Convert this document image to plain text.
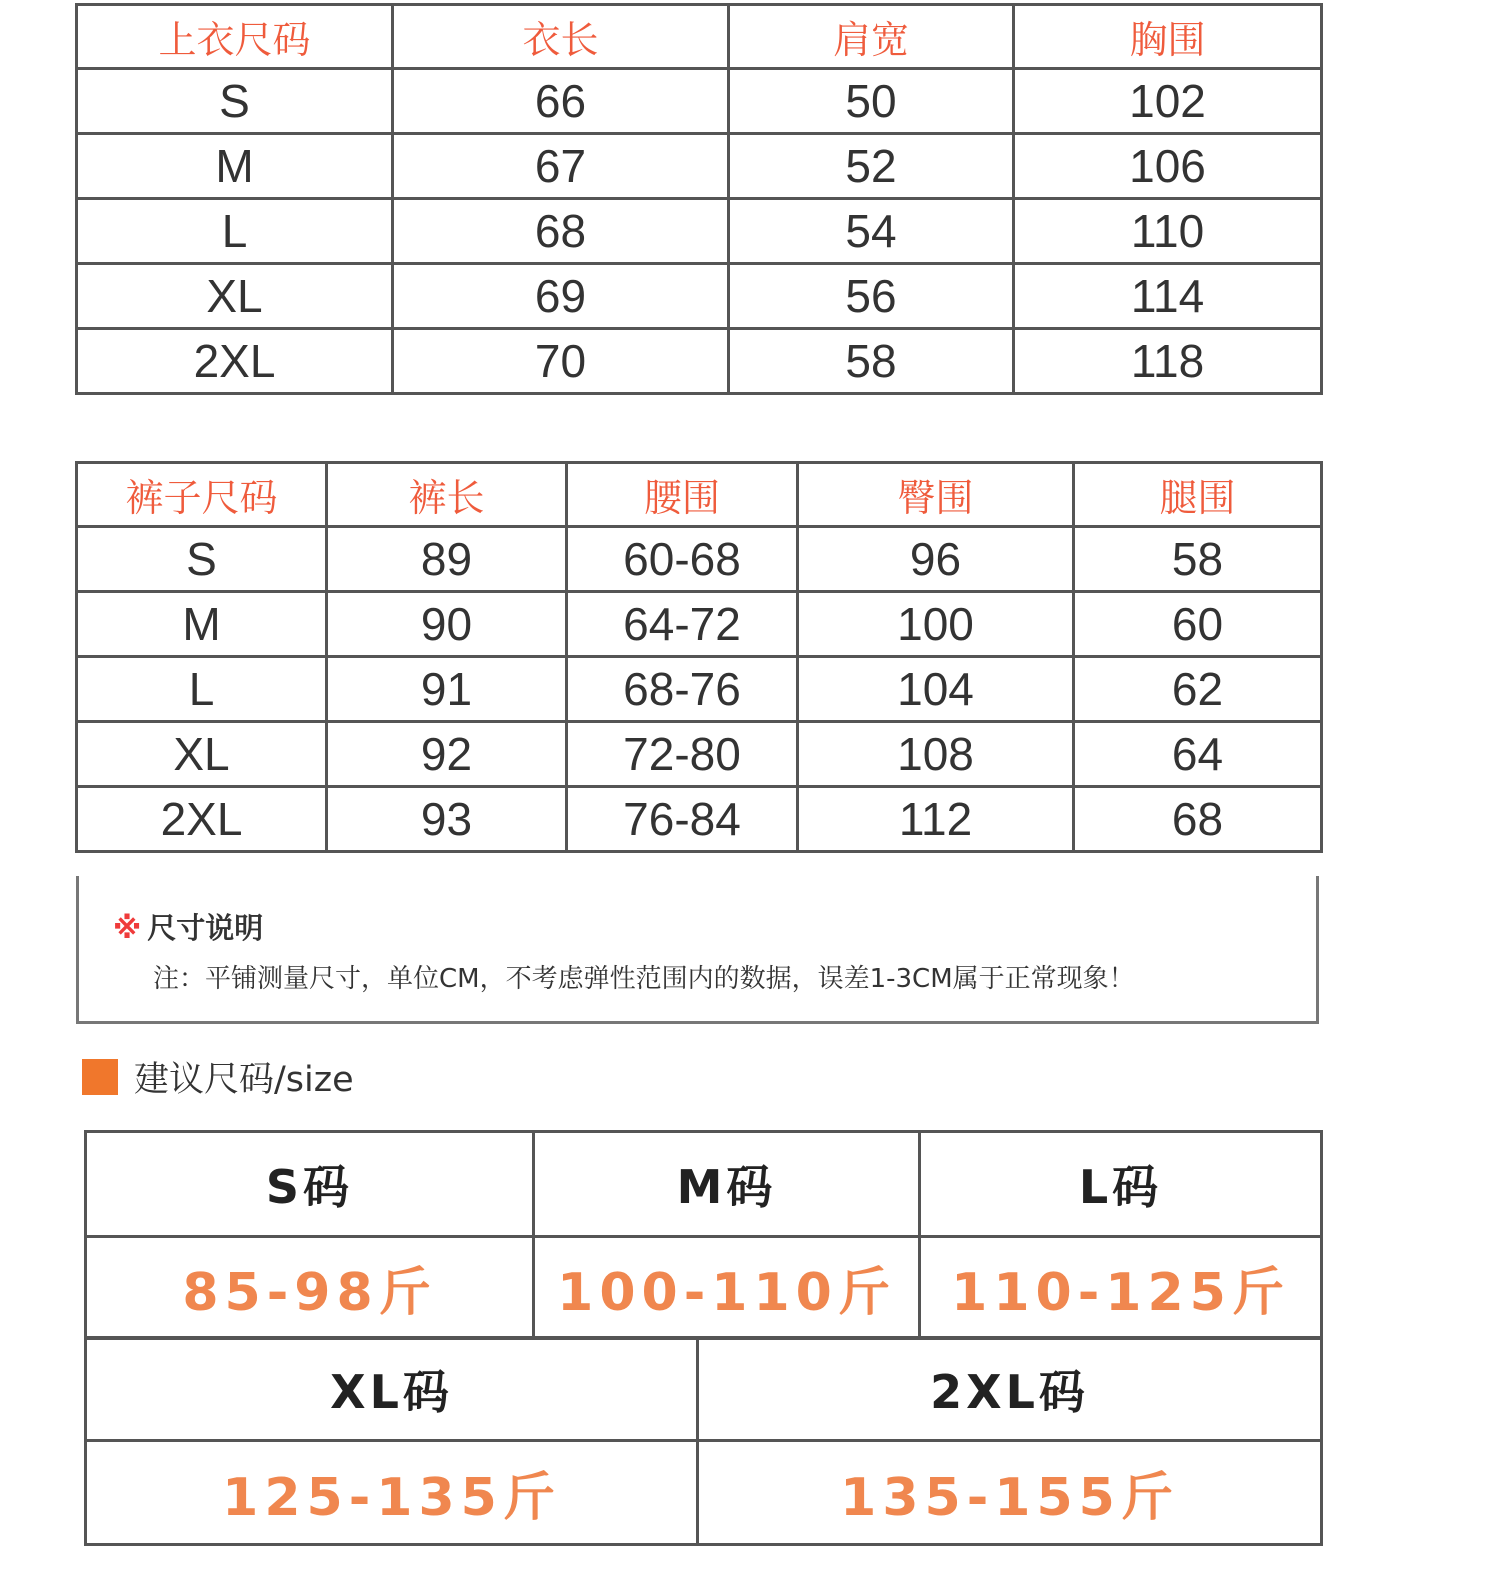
上衣尺码	衣长	肩宽	胸围
S	66	50	102
M	67	52	106
L	68	54	110
XL	69	56	114
2XL	70	58	118
裤子尺码	裤长	腰围	臀围	腿围
S	89	60-68	96	58
M	90	64-72	100	60
L	91	68-76	104	62
XL	92	72-80	108	64
2XL	93	76-84	112	68
※ 尺寸说明
注：平铺测量尺寸，单位CM，不考虑弹性范围内的数据，误差1-3CM属于正常现象！
建议尺码/size
S码	M码	L码
85-98斤	100-110斤	110-125斤
XL码	2XL码
125-135斤	135-155斤
